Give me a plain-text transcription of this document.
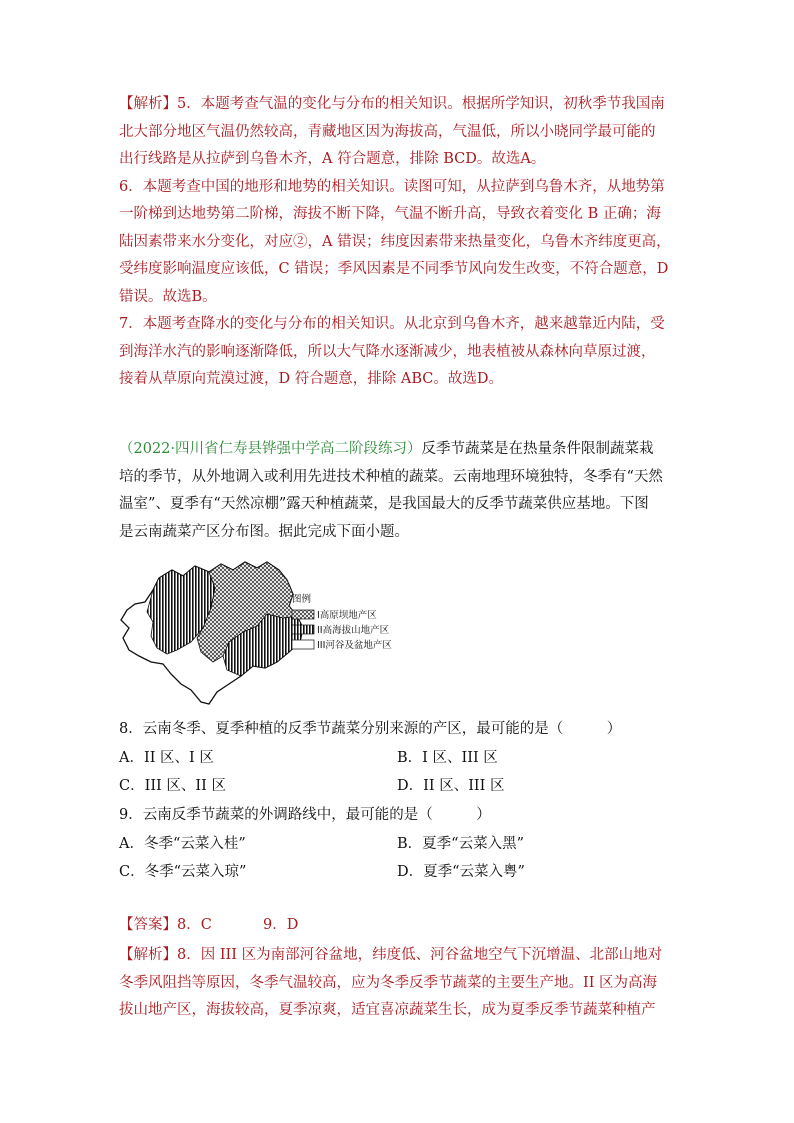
【解析】5．本题考查气温的变化与分布的相关知识。根据所学知识，初秋季节我国南
北大部分地区气温仍然较高，青藏地区因为海拔高，气温低，所以小晓同学最可能的
出行线路是从拉萨到乌鲁木齐，A 符合题意，排除 BCD。故选A。
6．本题考查中国的地形和地势的相关知识。读图可知，从拉萨到乌鲁木齐，从地势第
一阶梯到达地势第二阶梯，海拔不断下降，气温不断升高，导致衣着变化 B 正确；海
陆因素带来水分变化，对应②，A 错误；纬度因素带来热量变化，乌鲁木齐纬度更高，
受纬度影响温度应该低，C 错误；季风因素是不同季节风向发生改变，不符合题意，D
错误。故选B。
7．本题考查降水的变化与分布的相关知识。从北京到乌鲁木齐，越来越靠近内陆，受
到海洋水汽的影响逐渐降低，所以大气降水逐渐减少，地表植被从森林向草原过渡，
接着从草原向荒漠过渡，D 符合题意，排除 ABC。故选D。
（2022·四川省仁寿县铧强中学高二阶段练习）反季节蔬菜是在热量条件限制蔬菜栽
培的季节，从外地调入或利用先进技术种植的蔬菜。云南地理环境独特，冬季有“天然
温室”、夏季有“天然凉棚”露天种植蔬菜，是我国最大的反季节蔬菜供应基地。下图
是云南蔬菜产区分布图。据此完成下面小题。
图例
I高原坝地产区
II高海拔山地产区
III河谷及盆地产区
8．云南冬季、夏季种植的反季节蔬菜分别来源的产区，最可能的是（　　　）
A．II 区、I 区	B．I 区、III 区
C．III 区、II 区	D．II 区、III 区
9．云南反季节蔬菜的外调路线中，最可能的是（　　　）
A．冬季“云菜入桂”	B．夏季“云菜入黑”
C．冬季“云菜入琼”	D．夏季“云菜入粤”
【答案】 8．C	9．D
【解析】8．因 III 区为南部河谷盆地，纬度低、河谷盆地空气下沉增温、北部山地对
冬季风阻挡等原因，冬季气温较高，应为冬季反季节蔬菜的主要生产地。II 区为高海
拔山地产区，海拔较高，夏季凉爽，适宜喜凉蔬菜生长，成为夏季反季节蔬菜种植产
